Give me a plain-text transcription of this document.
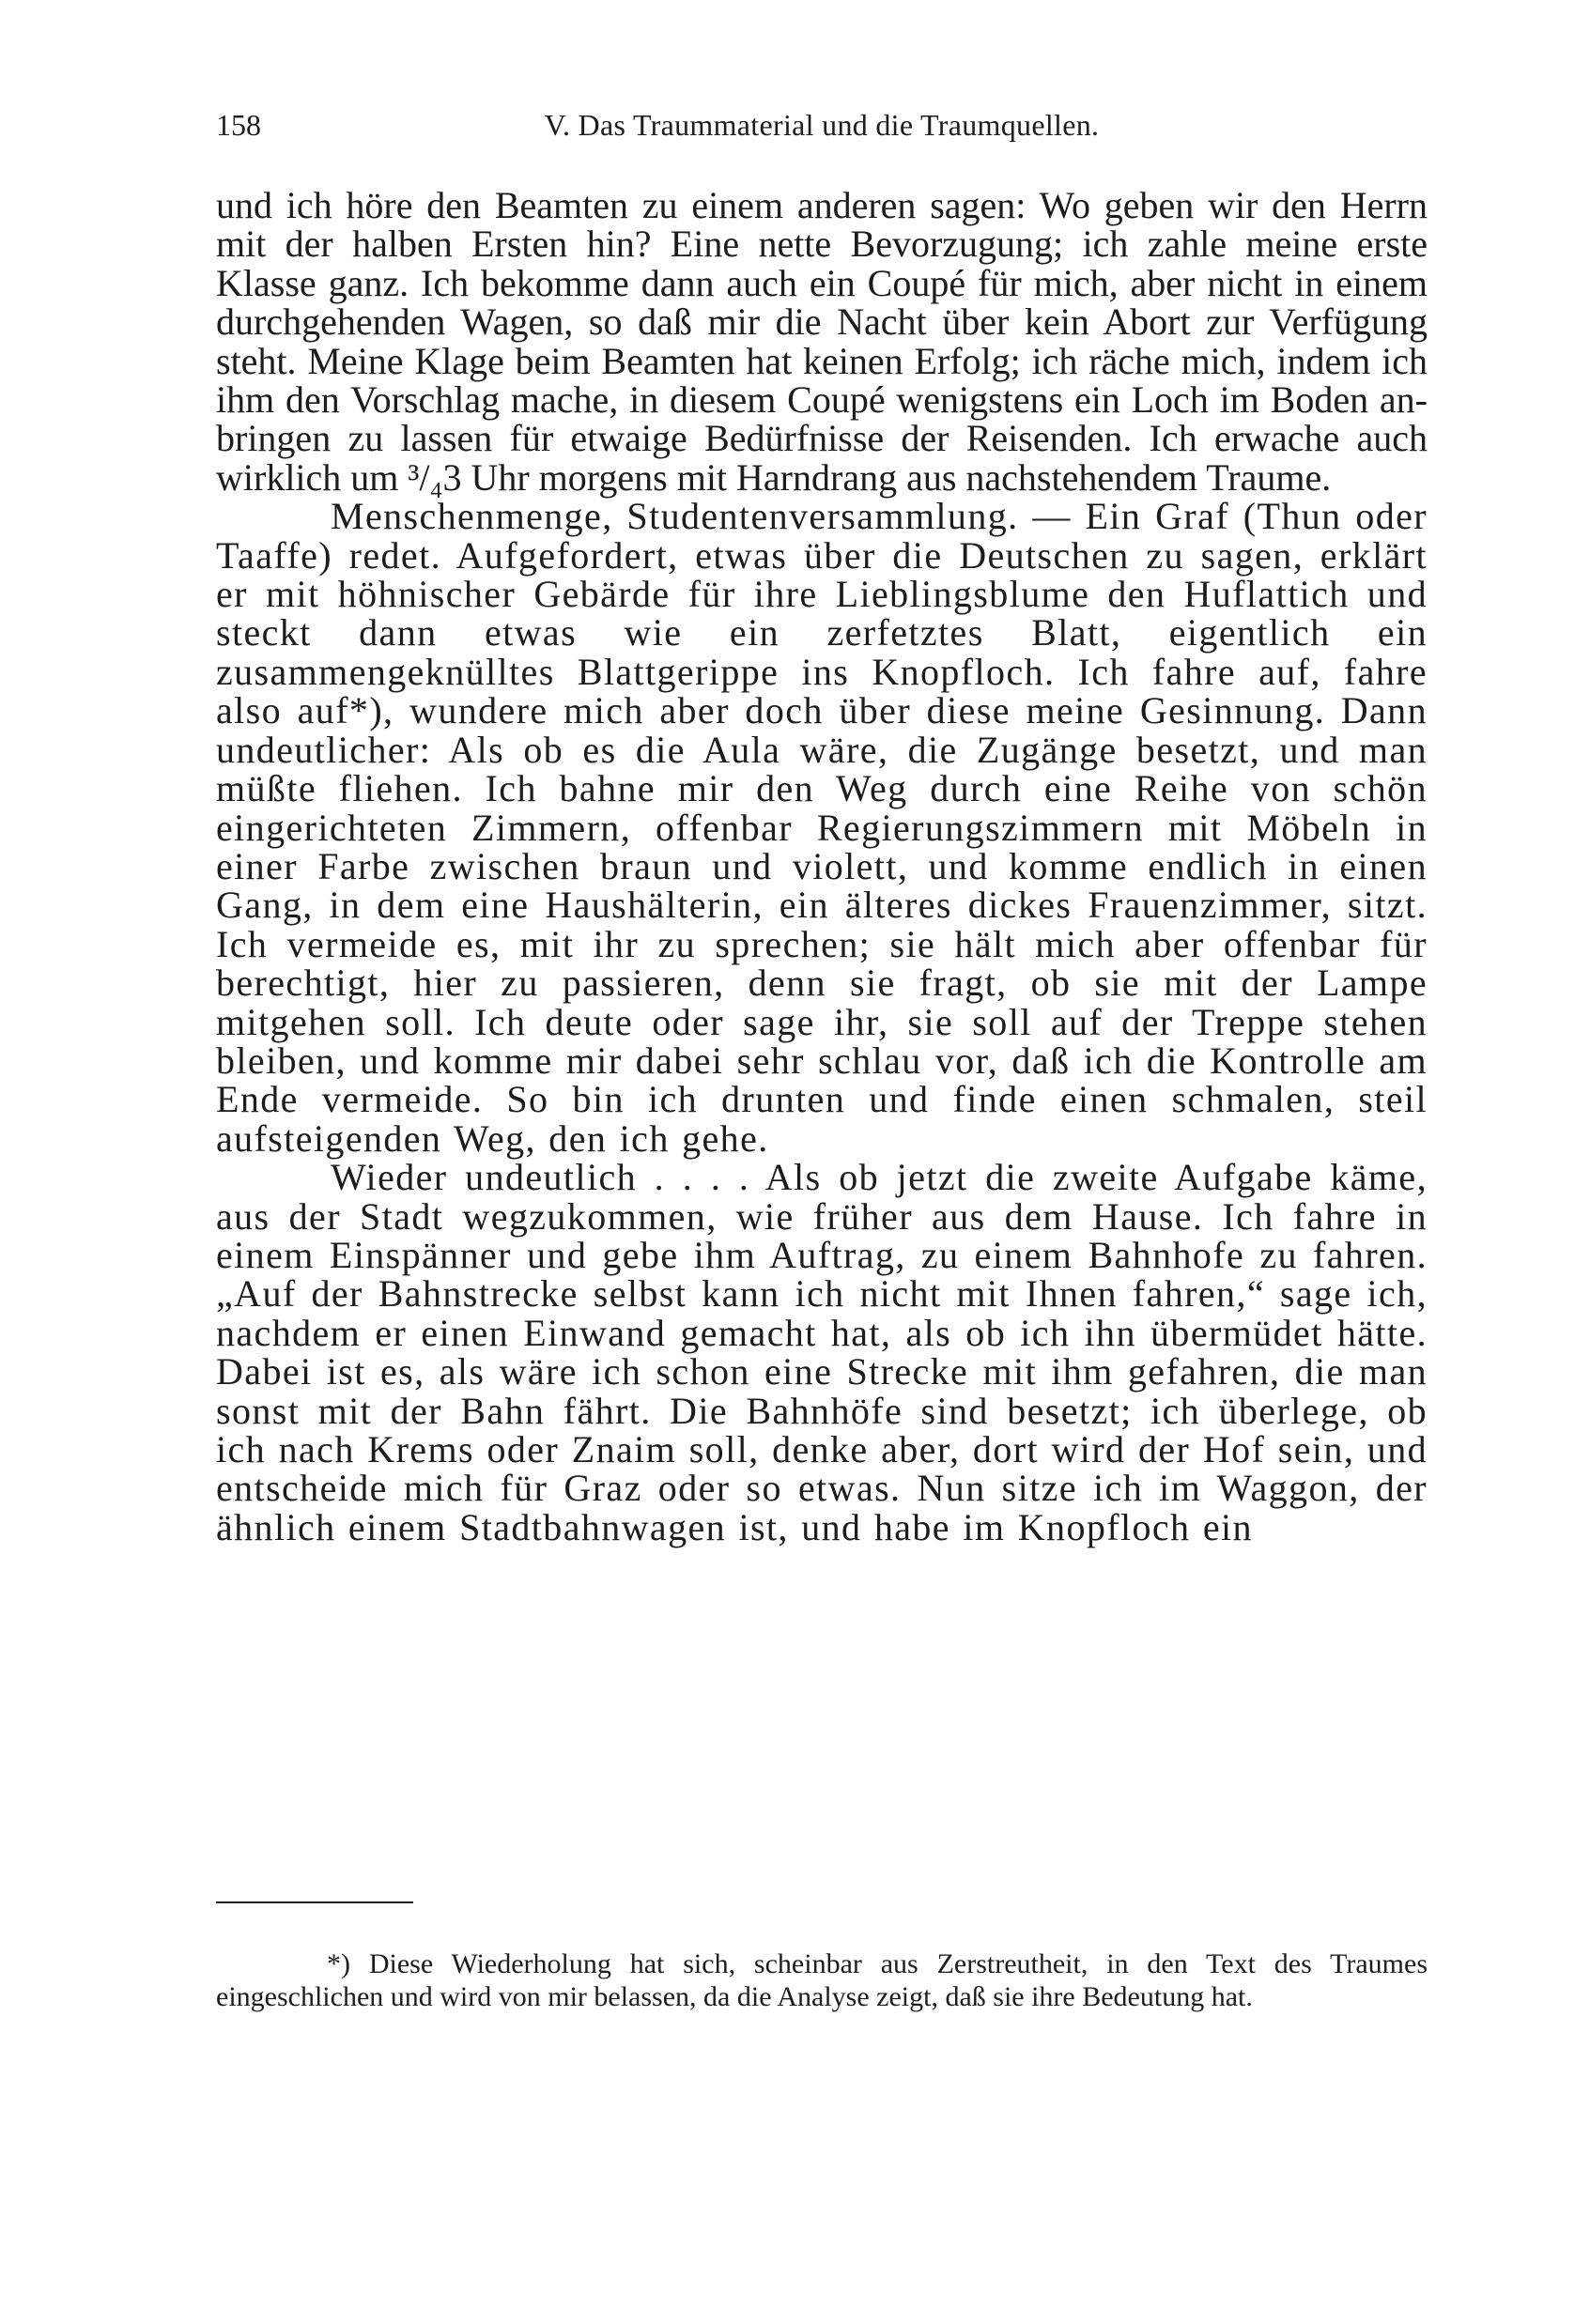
158	V. Das Traummaterial und die Traumquellen.

und ich höre den Beamten zu einem anderen sagen: Wo geben wir den Herrn mit der halben Ersten hin? Eine nette Bevorzugung; ich zahle meine erste Klasse ganz. Ich bekomme dann auch ein Coupé für mich, aber nicht in einem durchgehenden Wagen, so daß mir die Nacht über kein Abort zur Verfügung steht. Meine Klage beim Beamten hat keinen Erfolg; ich räche mich, indem ich ihm den Vorschlag mache, in diesem Coupé wenigstens ein Loch im Boden anbringen zu lassen für etwaige Bedürfnisse der Reisenden. Ich erwache auch wirklich um ³/₄3 Uhr morgens mit Harndrang aus nachstehendem Traume.

Menschenmenge, Studentenversammlung. — Ein Graf (Thun oder Taaffe) redet. Aufgefordert, etwas über die Deutschen zu sagen, erklärt er mit höhnischer Gebärde für ihre Lieblingsblume den Huflattich und steckt dann etwas wie ein zerfetztes Blatt, eigentlich ein zusammengeknülltes Blattgerippe ins Knopfloch. Ich fahre auf, fahre also auf*), wundere mich aber doch über diese meine Gesinnung. Dann undeutlicher: Als ob es die Aula wäre, die Zugänge besetzt, und man müßte fliehen. Ich bahne mir den Weg durch eine Reihe von schön eingerichteten Zimmern, offenbar Regierungszimmern mit Möbeln in einer Farbe zwischen braun und violett, und komme endlich in einen Gang, in dem eine Haushälterin, ein älteres dickes Frauenzimmer, sitzt. Ich vermeide es, mit ihr zu sprechen; sie hält mich aber offenbar für berechtigt, hier zu passieren, denn sie fragt, ob sie mit der Lampe mitgehen soll. Ich deute oder sage ihr, sie soll auf der Treppe stehen bleiben, und komme mir dabei sehr schlau vor, daß ich die Kontrolle am Ende vermeide. So bin ich drunten und finde einen schmalen, steil aufsteigenden Weg, den ich gehe.

Wieder undeutlich . . . . Als ob jetzt die zweite Aufgabe käme, aus der Stadt wegzukommen, wie früher aus dem Hause. Ich fahre in einem Einspänner und gebe ihm Auftrag, zu einem Bahnhofe zu fahren. „Auf der Bahnstrecke selbst kann ich nicht mit Ihnen fahren,“ sage ich, nachdem er einen Einwand gemacht hat, als ob ich ihn übermüdet hätte. Dabei ist es, als wäre ich schon eine Strecke mit ihm gefahren, die man sonst mit der Bahn fährt. Die Bahnhöfe sind besetzt; ich überlege, ob ich nach Krems oder Znaim soll, denke aber, dort wird der Hof sein, und entscheide mich für Graz oder so etwas. Nun sitze ich im Waggon, der ähnlich einem Stadtbahnwagen ist, und habe im Knopfloch ein

*) Diese Wiederholung hat sich, scheinbar aus Zerstreutheit, in den Text des Traumes eingeschlichen und wird von mir belassen, da die Analyse zeigt, daß sie ihre Bedeutung hat.
